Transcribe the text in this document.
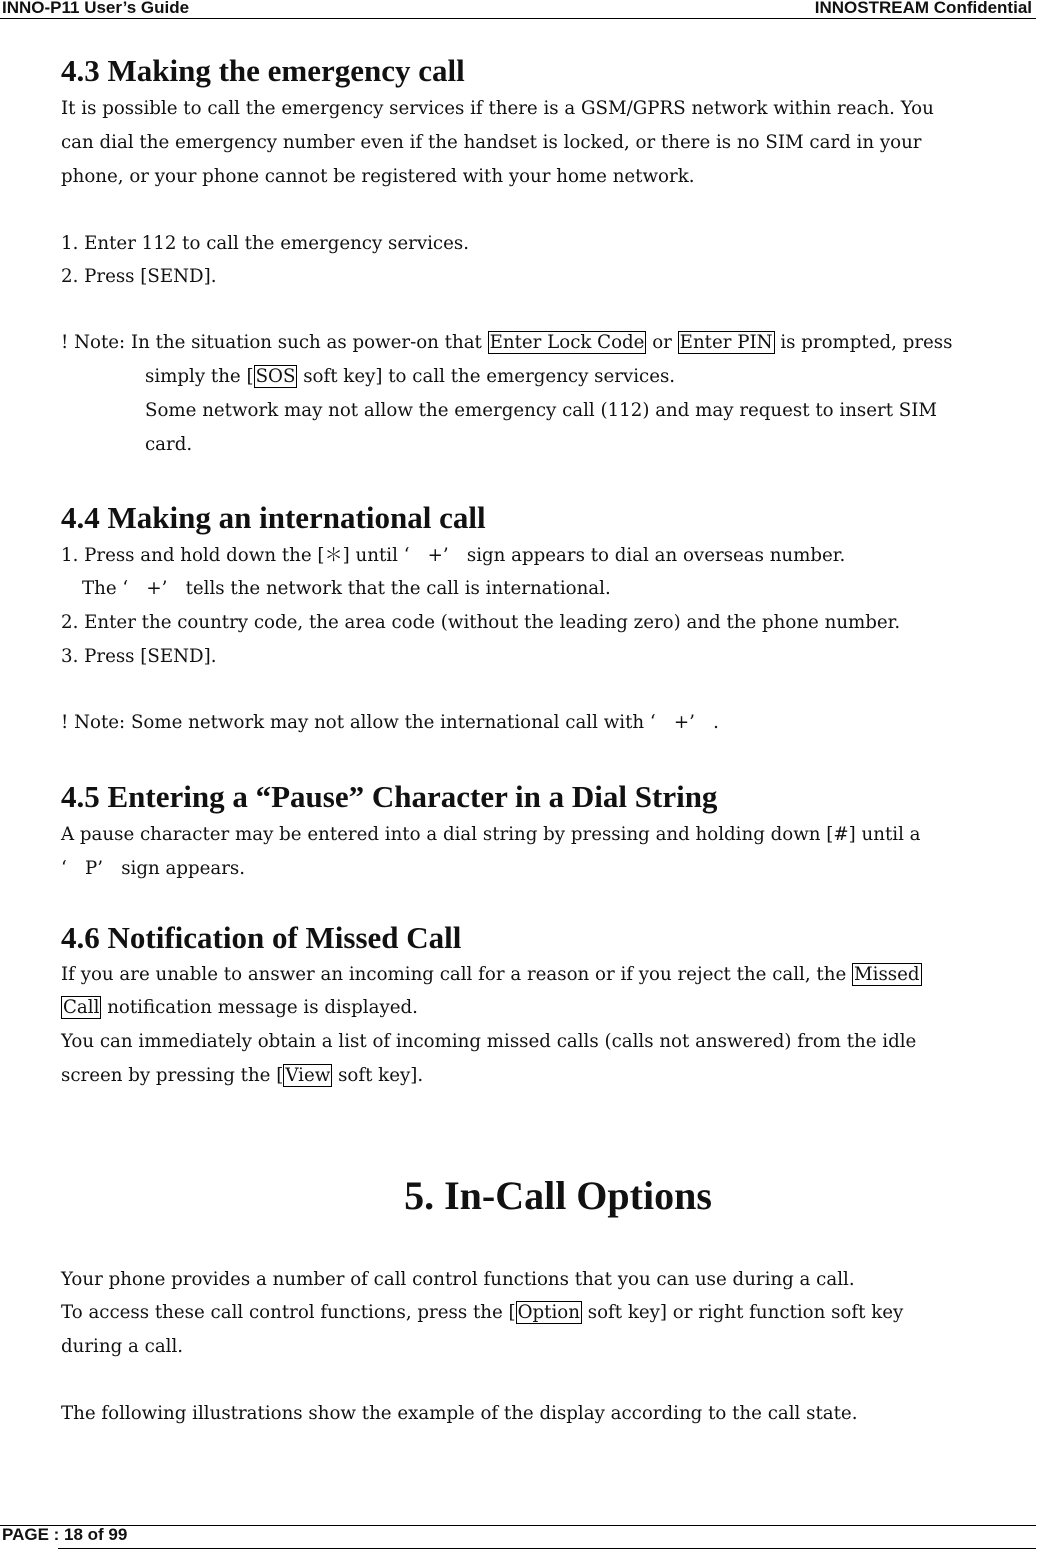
INNO-P11 User’s Guide	INNOSTREAM Confidential
4.3 Making the emergency call

It is possible to call the emergency services if there is a GSM/GPRS network within reach. You

can dial the emergency number even if the handset is locked, or there is no SIM card in your

phone, or your phone cannot be registered with your home network.

1. Enter 112 to call the emergency services.

2. Press [SEND].

! Note: In the situation such as power-on that Enter Lock Code or Enter PIN is prompted, press

simply the [ SOS soft key] to call the emergency services.

Some network may not allow the emergency call (112) and may request to insert SIM

card.

4.4 Making an international call

1. Press and hold down the [＊] until ‘　+’　sign appears to dial an overseas number.

The ‘　+’　tells the network that the call is international.

2. Enter the country code, the area code (without the leading zero) and the phone number.

3. Press [SEND].

! Note: Some network may not allow the international call with ‘　+’　.

4.5 Entering a “Pause” Character in a Dial String

A pause character may be entered into a dial string by pressing and holding down [#] until a

‘　P’　sign appears.

4.6 Notification of Missed Call

If you are unable to answer an incoming call for a reason or if you reject the call, the Missed

Call notification message is displayed.

You can immediately obtain a list of incoming missed calls (calls not answered) from the idle

screen by pressing the [ View soft key].

5. In-Call Options

Your phone provides a number of call control functions that you can use during a call.

To access these call control functions, press the [ Option soft key] or right function soft key

during a call.

The following illustrations show the example of the display according to the call state.

PAGE : 18 of 99
